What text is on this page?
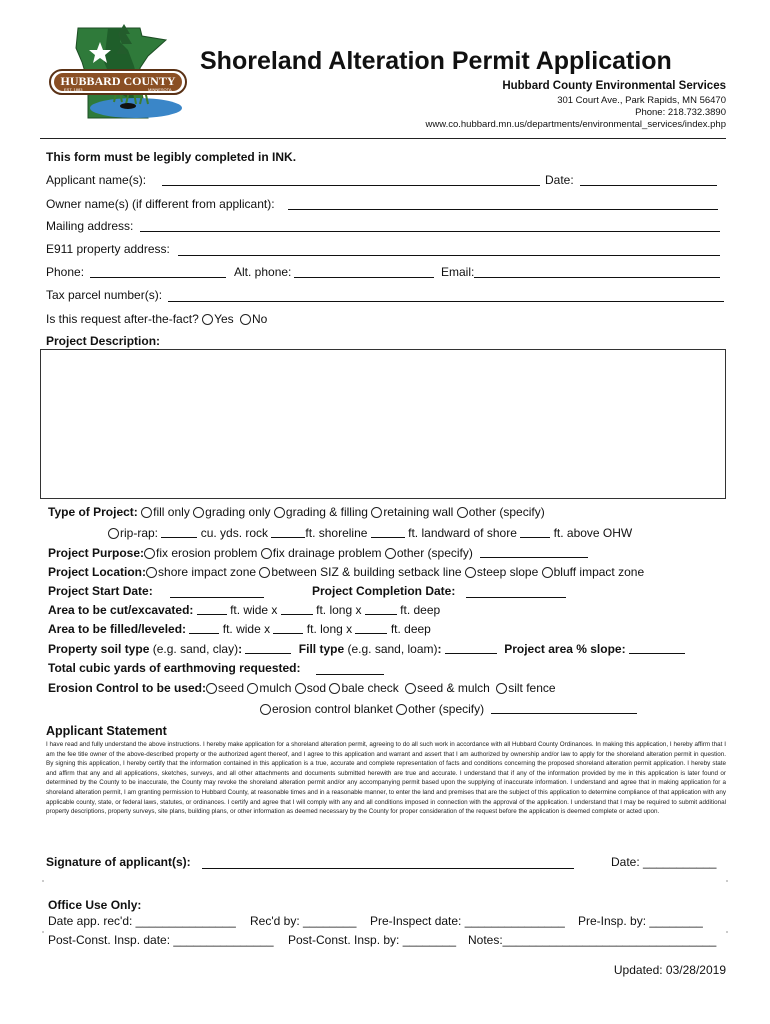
HUBBARD COUNTY
EST. 1883	MINNESOTA
Shoreland Alteration Permit Application
Hubbard County Environmental Services
301 Court Ave., Park Rapids, MN 56470
Phone: 218.732.3890
www.co.hubbard.mn.us/departments/environmental_services/index.php
This form must be legibly completed in INK.
Applicant name(s):	Date:
Owner name(s) (if different from applicant):
Mailing address:
E911 property address:
Phone:	Alt. phone:	Email:
Tax parcel number(s):
Is this request after-the-fact? Yes No
Project Description:
Type of Project: fill only grading only grading & filling retaining wall other (specify)
rip-rap:	cu. yds. rock	ft. shoreline	ft. landward of shore	ft. above OHW
Project Purpose: fix erosion problem fix drainage problem other (specify)
Project Location: shore impact zone between SIZ & building setback line steep slope bluff impact zone
Project Start Date:	Project Completion Date:
Area to be cut/excavated:	ft. wide x	ft. long x	ft. deep
Area to be filled/leveled:	ft. wide x	ft. long x	ft. deep
Property soil type (e.g. sand, clay):	Fill type (e.g. sand, loam):	Project area % slope:
Total cubic yards of earthmoving requested:
Erosion Control to be used: seed mulch sod bale check seed & mulch silt fence
erosion control blanket other (specify)
Applicant Statement
I have read and fully understand the above instructions. I hereby make application for a shoreland alteration permit, agreeing to do all such work in accordance with all Hubbard County Ordinances. In making this application, I hereby affirm that I am the fee title owner of the above-described property or the authorized agent thereof, and I agree to this application and warrant and assert that I am authorized by ownership and/or law to apply for the shoreland alteration permit in question. By signing this application, I hereby certify that the information contained in this application is a true, accurate and complete representation of facts and conditions concerning the proposed shoreland alteration permit application. I hereby state and affirm that any and all applications, sketches, surveys, and all other attachments and documents submitted herewith are true and accurate. I understand that if any of the information provided by me in this application is later found or determined by the County to be inaccurate, the County may revoke the shoreland alteration permit and/or any accompanying permit based upon the supplying of inaccurate information. I understand and agree that in making application for a shoreland alteration permit, I am granting permission to Hubbard County, at reasonable times and in a reasonable manner, to enter the land and premises that are the subject of this application to determine compliance of that application with any applicable county, state, or federal laws, statutes, or ordinances. I certify and agree that I will comply with any and all conditions imposed in connection with the approval of the application. I understand that I may be required to submit additional property descriptions, property surveys, site plans, building plans, or other information as deemed necessary by the County for proper consideration of the request before the application is deemed complete or acted upon.
Signature of applicant(s):	Date: ___________
Office Use Only:
Date app. rec'd: _______________ Rec'd by: ________ Pre-Inspect date: _______________ Pre-Insp. by: ________
Post-Const. Insp. date: _______________ Post-Const. Insp. by: ________ Notes:________________________________
Updated: 03/28/2019
